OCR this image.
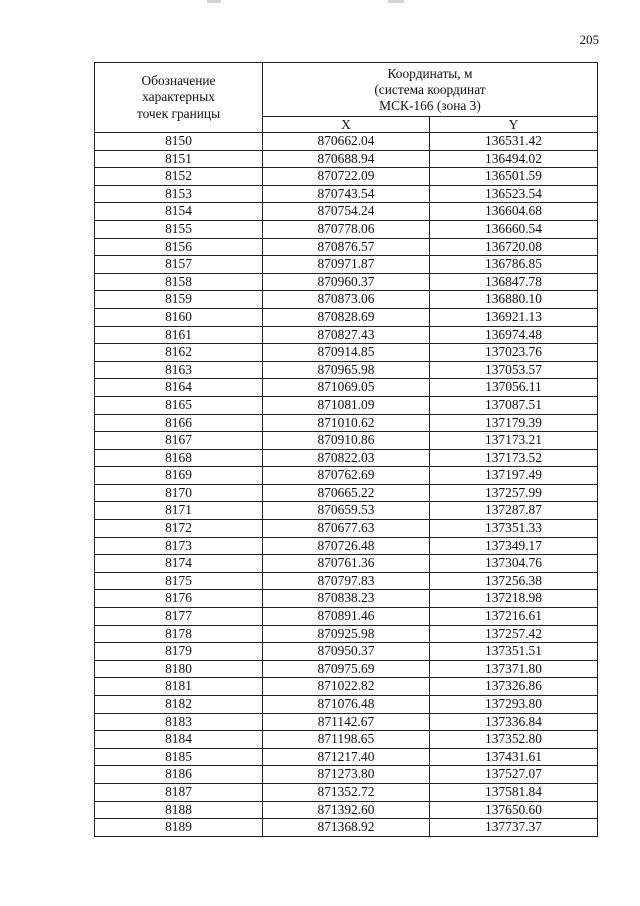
205
Обозначение
характерных
точек границы	Координаты, м
(система координат
МСК-166 (зона 3)	

	X	Y
8150	870662.04	136531.42
8151	870688.94	136494.02
8152	870722.09	136501.59
8153	870743.54	136523.54
8154	870754.24	136604.68
8155	870778.06	136660.54
8156	870876.57	136720.08
8157	870971.87	136786.85
8158	870960.37	136847.78
8159	870873.06	136880.10
8160	870828.69	136921.13
8161	870827.43	136974.48
8162	870914.85	137023.76
8163	870965.98	137053.57
8164	871069.05	137056.11
8165	871081.09	137087.51
8166	871010.62	137179.39
8167	870910.86	137173.21
8168	870822.03	137173.52
8169	870762.69	137197.49
8170	870665.22	137257.99
8171	870659.53	137287.87
8172	870677.63	137351.33
8173	870726.48	137349.17
8174	870761.36	137304.76
8175	870797.83	137256.38
8176	870838.23	137218.98
8177	870891.46	137216.61
8178	870925.98	137257.42
8179	870950.37	137351.51
8180	870975.69	137371.80
8181	871022.82	137326.86
8182	871076.48	137293.80
8183	871142.67	137336.84
8184	871198.65	137352.80
8185	871217.40	137431.61
8186	871273.80	137527.07
8187	871352.72	137581.84
8188	871392.60	137650.60
8189	871368.92	137737.37
